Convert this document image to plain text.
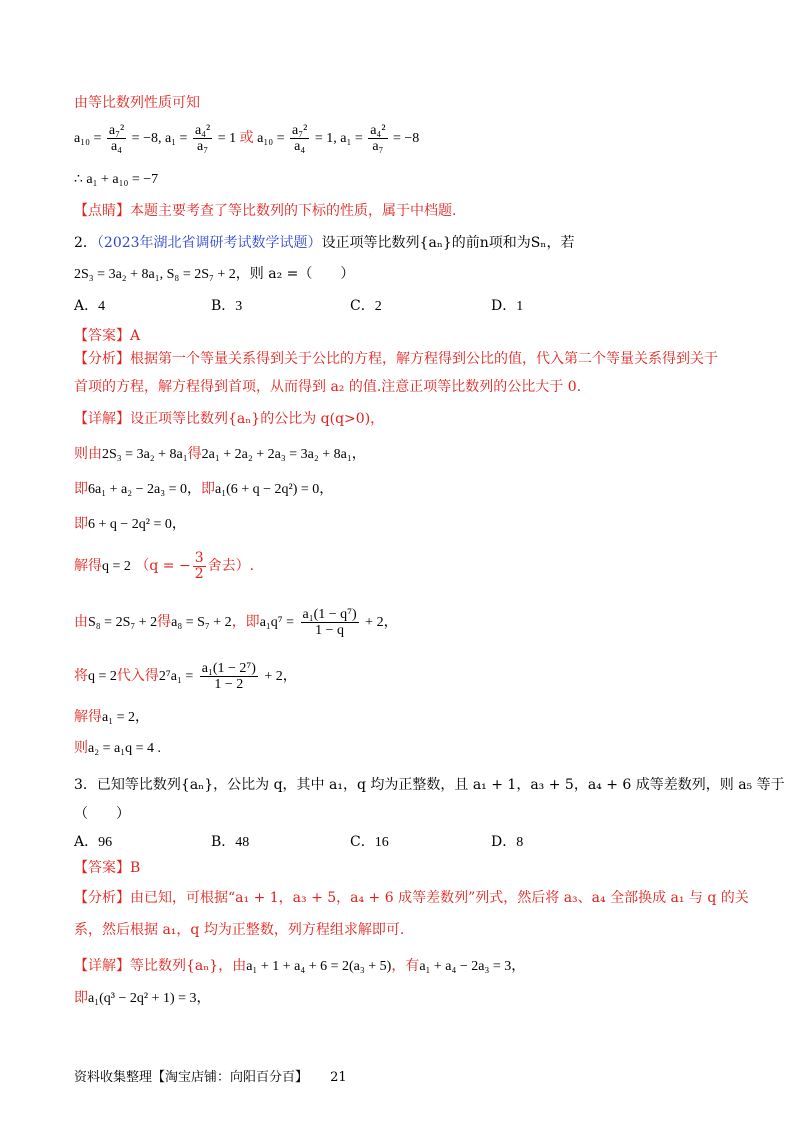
由等比数列性质可知
$a_{10} = \frac{\text{a₇²}}{\text{a₄}} = -8$, $a_1 = \frac{\text{a₄²}}{\text{a₇}} = 1$ 或 $a_{10} = \frac{\text{a₇²}}{\text{a₄}} = 1$, $a_1 = \frac{\text{a₄²}}{\text{a₇}} = -8$
∴ a₁ + a₁₀ = −7
【点睛】本题主要考查了等比数列的下标的性质，属于中档题.
2．（2023年湖北省调研考试数学试题）设正项等比数列{aₙ}的前n项和为Sₙ，若
2S₃ = 3a₂ + 8a₁, S₈ = 2S₇ + 2，则 a₂ =（　　）
A．4	B．3	C．2	D．1
【答案】A
【分析】根据第一个等量关系得到关于公比的方程，解方程得到公比的值，代入第二个等量关系得到关于
首项的方程，解方程得到首项，从而得到 a₂ 的值.注意正项等比数列的公比大于 0.
【详解】设正项等比数列{aₙ}的公比为 q(q>0)，
则由2S₃ = 3a₂ + 8a₁得2a₁ + 2a₂ + 2a₃ = 3a₂ + 8a₁，
即6a₁ + a₂ − 2a₃ = 0，即a₁(6 + q − 2q²) = 0，
即6 + q − 2q² = 0，
解得q = 2 （q = − $\frac{3}{2}$ 舍去）.
由S₈ = 2S₇ + 2得a₈ = S₇ + 2，即$a_1q^7 = \frac{\text{a₁(1 − q⁷)}}{1 - q} + 2$，
将q = 2代入得$2^7a_1 = \frac{\text{a₁(1 − 2⁷)}}{1 - 2} + 2$，
解得a₁ = 2，
则a₂ = a₁q = 4 .
3．已知等比数列{aₙ}，公比为 q，其中 a₁，q 均为正整数，且 a₁ + 1，a₃ + 5，a₄ + 6 成等差数列，则 a₅ 等于
（　　）
A．96	B．48	C．16	D．8
【答案】B
【分析】由已知，可根据“a₁ + 1，a₃ + 5，a₄ + 6 成等差数列”列式，然后将 a₃、a₄ 全部换成 a₁ 与 q 的关
系，然后根据 a₁，q 均为正整数，列方程组求解即可.
【详解】等比数列{aₙ}，由a₁ + 1 + a₄ + 6 = 2(a₃ + 5)，有a₁ + a₄ − 2a₃ = 3，
即a₁(q³ − 2q² + 1) = 3，
资料收集整理【淘宝店铺：向阳百分百】 21
